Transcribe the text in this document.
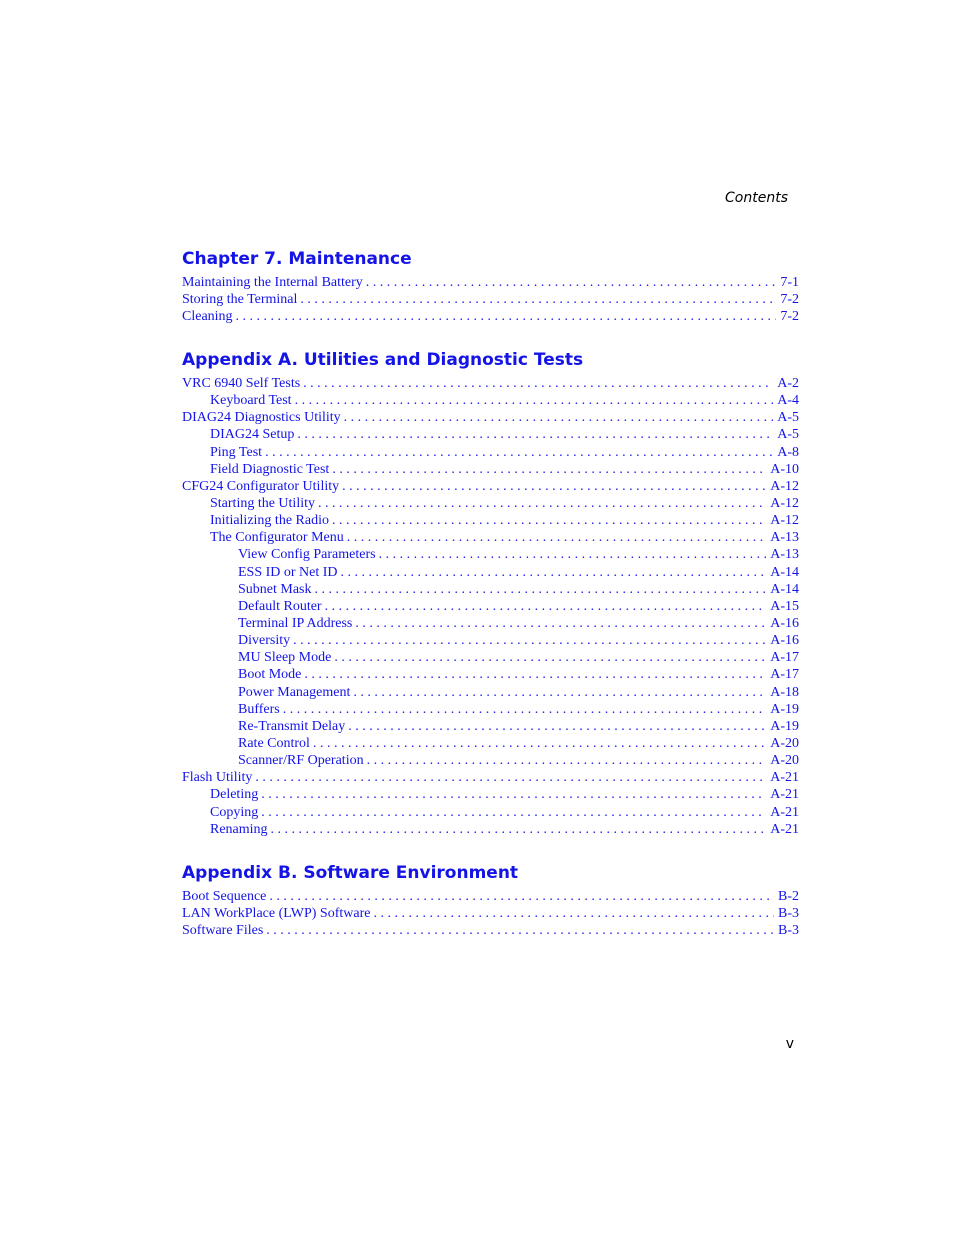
Contents
Chapter 7. Maintenance
Maintaining the Internal Battery . . .	7-1
Storing the Terminal . . .	7-2
Cleaning . . .	7-2
Appendix A. Utilities and Diagnostic Tests
VRC 6940 Self Tests . . .	A-2
Keyboard Test . . .	A-4
DIAG24 Diagnostics Utility . . .	A-5
DIAG24 Setup . . .	A-5
Ping Test . . .	A-8
Field Diagnostic Test . . .	A-10
CFG24 Configurator Utility . . .	A-12
Starting the Utility . . .	A-12
Initializing the Radio . . .	A-12
The Configurator Menu . . .	A-13
View Config Parameters . . .	A-13
ESS ID or Net ID . . .	A-14
Subnet Mask . . .	A-14
Default Router . . .	A-15
Terminal IP Address . . .	A-16
Diversity . . .	A-16
MU Sleep Mode . . .	A-17
Boot Mode . . .	A-17
Power Management . . .	A-18
Buffers . . .	A-19
Re-Transmit Delay . . .	A-19
Rate Control . . .	A-20
Scanner/RF Operation . . .	A-20
Flash Utility . . .	A-21
Deleting . . .	A-21
Copying . . .	A-21
Renaming . . .	A-21
Appendix B. Software Environment
Boot Sequence . . .	B-2
LAN WorkPlace (LWP) Software . . .	B-3
Software Files . . .	B-3
v
